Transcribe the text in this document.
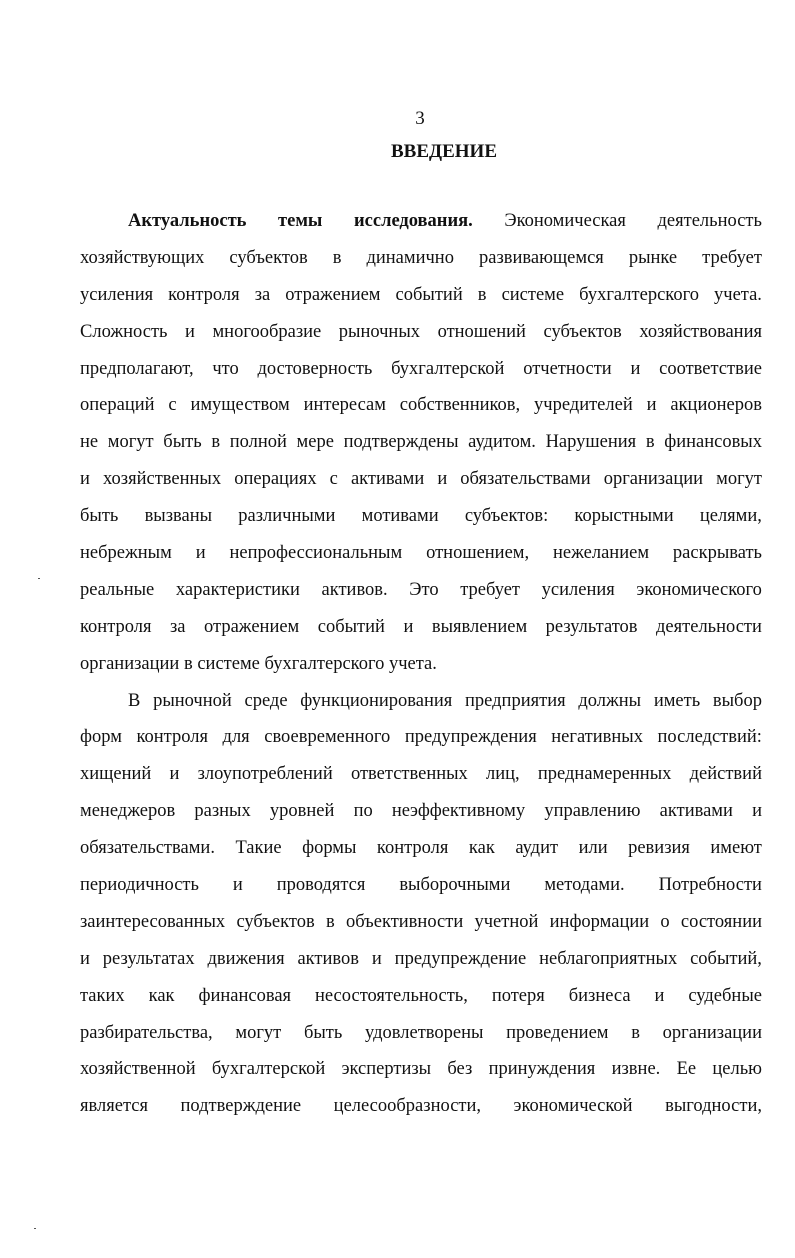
3
ВВЕДЕНИЕ
Актуальность темы исследования. Экономическая деятельность
хозяйствующих субъектов в динамично развивающемся рынке требует
усиления контроля за отражением событий в системе бухгалтерского учета.
Сложность и многообразие рыночных отношений субъектов хозяйствования
предполагают, что достоверность бухгалтерской отчетности и соответствие
операций с имуществом интересам собственников, учредителей и акционеров
не могут быть в полной мере подтверждены аудитом. Нарушения в финансовых
и хозяйственных операциях с активами и обязательствами организации могут
быть вызваны различными мотивами субъектов: корыстными целями,
небрежным и непрофессиональным отношением, нежеланием раскрывать
реальные характеристики активов. Это требует усиления экономического
контроля за отражением событий и выявлением результатов деятельности
организации
в
системе
бухгалтерского
учета.
В рыночной среде функционирования предприятия должны иметь выбор
форм контроля для своевременного предупреждения негативных последствий:
хищений и злоупотреблений ответственных лиц, преднамеренных действий
менеджеров разных уровней по неэффективному управлению активами и
обязательствами. Такие формы контроля как аудит или ревизия имеют
периодичность и проводятся выборочными методами. Потребности
заинтересованных субъектов в объективности учетной информации о состоянии
и результатах движения активов и предупреждение неблагоприятных событий,
таких как финансовая несостоятельность, потеря бизнеса и судебные
разбирательства, могут быть удовлетворены проведением в организации
хозяйственной бухгалтерской экспертизы без принуждения извне. Ее целью
является подтверждение целесообразности, экономической выгодности,
